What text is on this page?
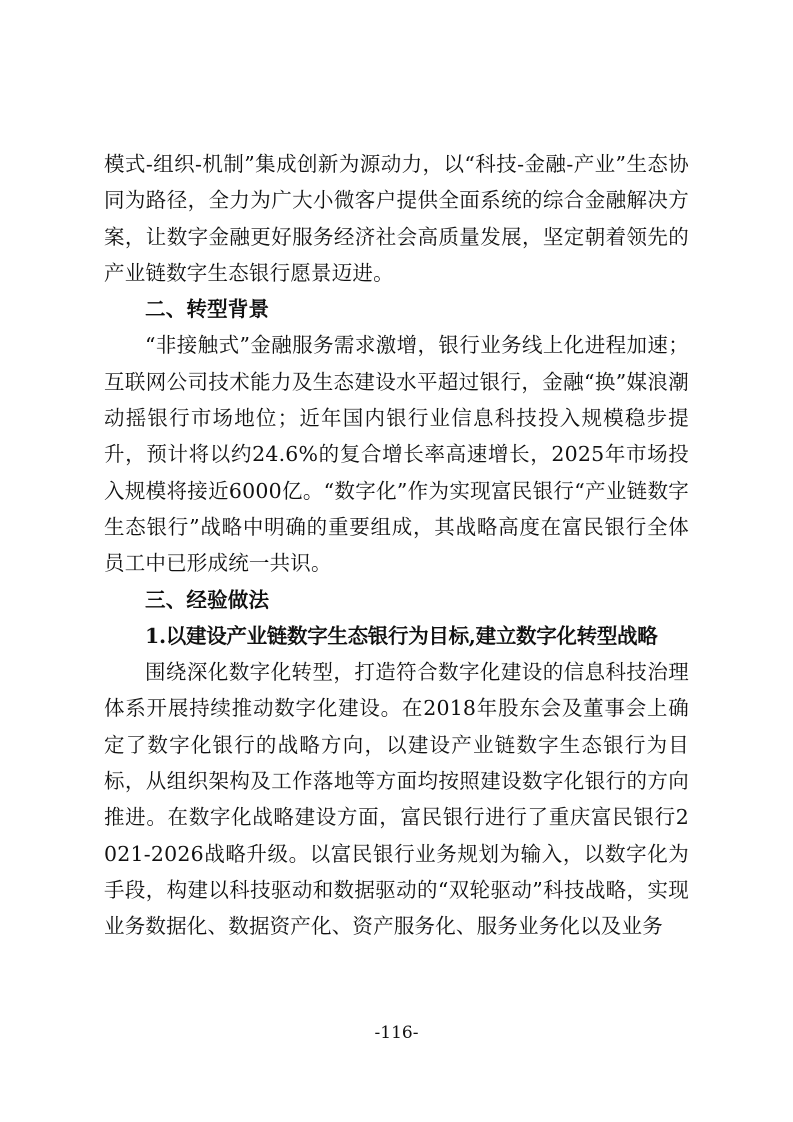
模式-组织-机制”集成创新为源动力，以“科技-金融-产业”生态协同为路径，全力为广大小微客户提供全面系统的综合金融解决方案，让数字金融更好服务经济社会高质量发展，坚定朝着领先的产业链数字生态银行愿景迈进。

二、转型背景

“非接触式”金融服务需求激增，银行业务线上化进程加速；互联网公司技术能力及生态建设水平超过银行，金融“换”媒浪潮动摇银行市场地位；近年国内银行业信息科技投入规模稳步提升，预计将以约24.6%的复合增长率高速增长，2025年市场投入规模将接近6000亿。“数字化”作为实现富民银行“产业链数字生态银行”战略中明确的重要组成，其战略高度在富民银行全体员工中已形成统一共识。

三、经验做法

1.以建设产业链数字生态银行为目标,建立数字化转型战略

围绕深化数字化转型，打造符合数字化建设的信息科技治理体系开展持续推动数字化建设。在2018年股东会及董事会上确定了数字化银行的战略方向，以建设产业链数字生态银行为目标，从组织架构及工作落地等方面均按照建设数字化银行的方向推进。在数字化战略建设方面，富民银行进行了重庆富民银行2021-2026战略升级。以富民银行业务规划为输入，以数字化为手段，构建以科技驱动和数据驱动的“双轮驱动”科技战略，实现业务数据化、数据资产化、资产服务化、服务业务化以及业务

-116-
